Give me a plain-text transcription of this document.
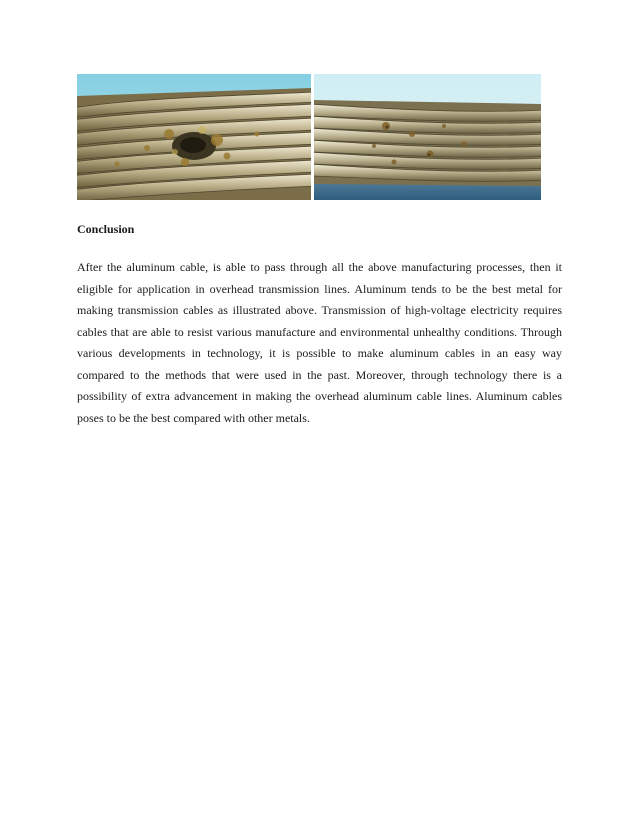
Conclusion

After the aluminum cable, is able to pass through all the above manufacturing processes, then it eligible for application in overhead transmission lines. Aluminum tends to be the best metal for making transmission cables as illustrated above. Transmission of high-voltage electricity requires cables that are able to resist various manufacture and environmental unhealthy conditions. Through various developments in technology, it is possible to make aluminum cables in an easy way compared to the methods that were used in the past. Moreover, through technology there is a possibility of extra advancement in making the overhead aluminum cable lines. Aluminum cables poses to be the best compared with other metals.
